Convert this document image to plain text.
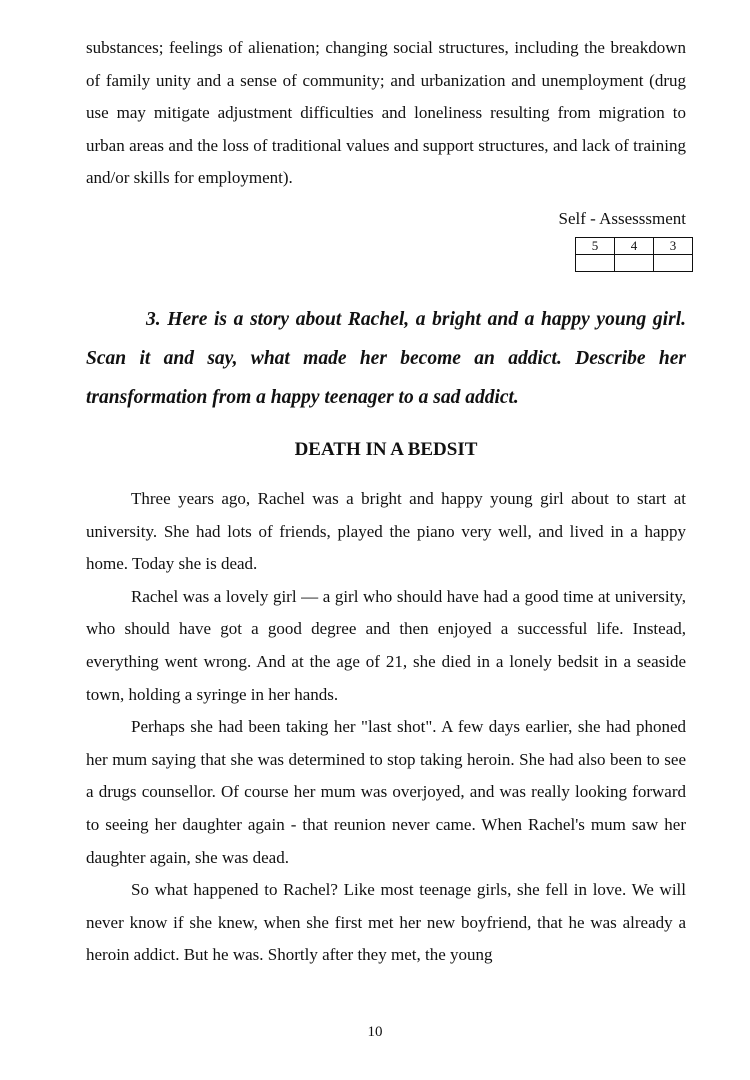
substances; feelings of alienation; changing social structures, including the breakdown of family unity and a sense of community; and urbanization and unemployment (drug use may mitigate adjustment difficulties and loneliness resulting from migration to urban areas and the loss of traditional values and support structures, and lack of training and/or skills for employment).

Self - Assesssment
5	4	3

3. Here is a story about Rachel, a bright and a happy young girl. Scan it and say, what made her become an addict. Describe her transformation from a happy teenager to a sad addict.

DEATH IN A BEDSIT

Three years ago, Rachel was a bright and happy young girl about to start at university. She had lots of friends, played the piano very well, and lived in a happy home. Today she is dead.

Rachel was a lovely girl — a girl who should have had a good time at university, who should have got a good degree and then enjoyed a successful life. Instead, everything went wrong. And at the age of 21, she died in a lonely bedsit in a seaside town, holding a syringe in her hands.

Perhaps she had been taking her "last shot". A few days earlier, she had phoned her mum saying that she was determined to stop taking heroin. She had also been to see a drugs counsellor. Of course her mum was overjoyed, and was really looking forward to seeing her daughter again - that reunion never came. When Rachel's mum saw her daughter again, she was dead.

So what happened to Rachel? Like most teenage girls, she fell in love. We will never know if she knew, when she first met her new boyfriend, that he was already a heroin addict. But he was. Shortly after they met, the young

10
